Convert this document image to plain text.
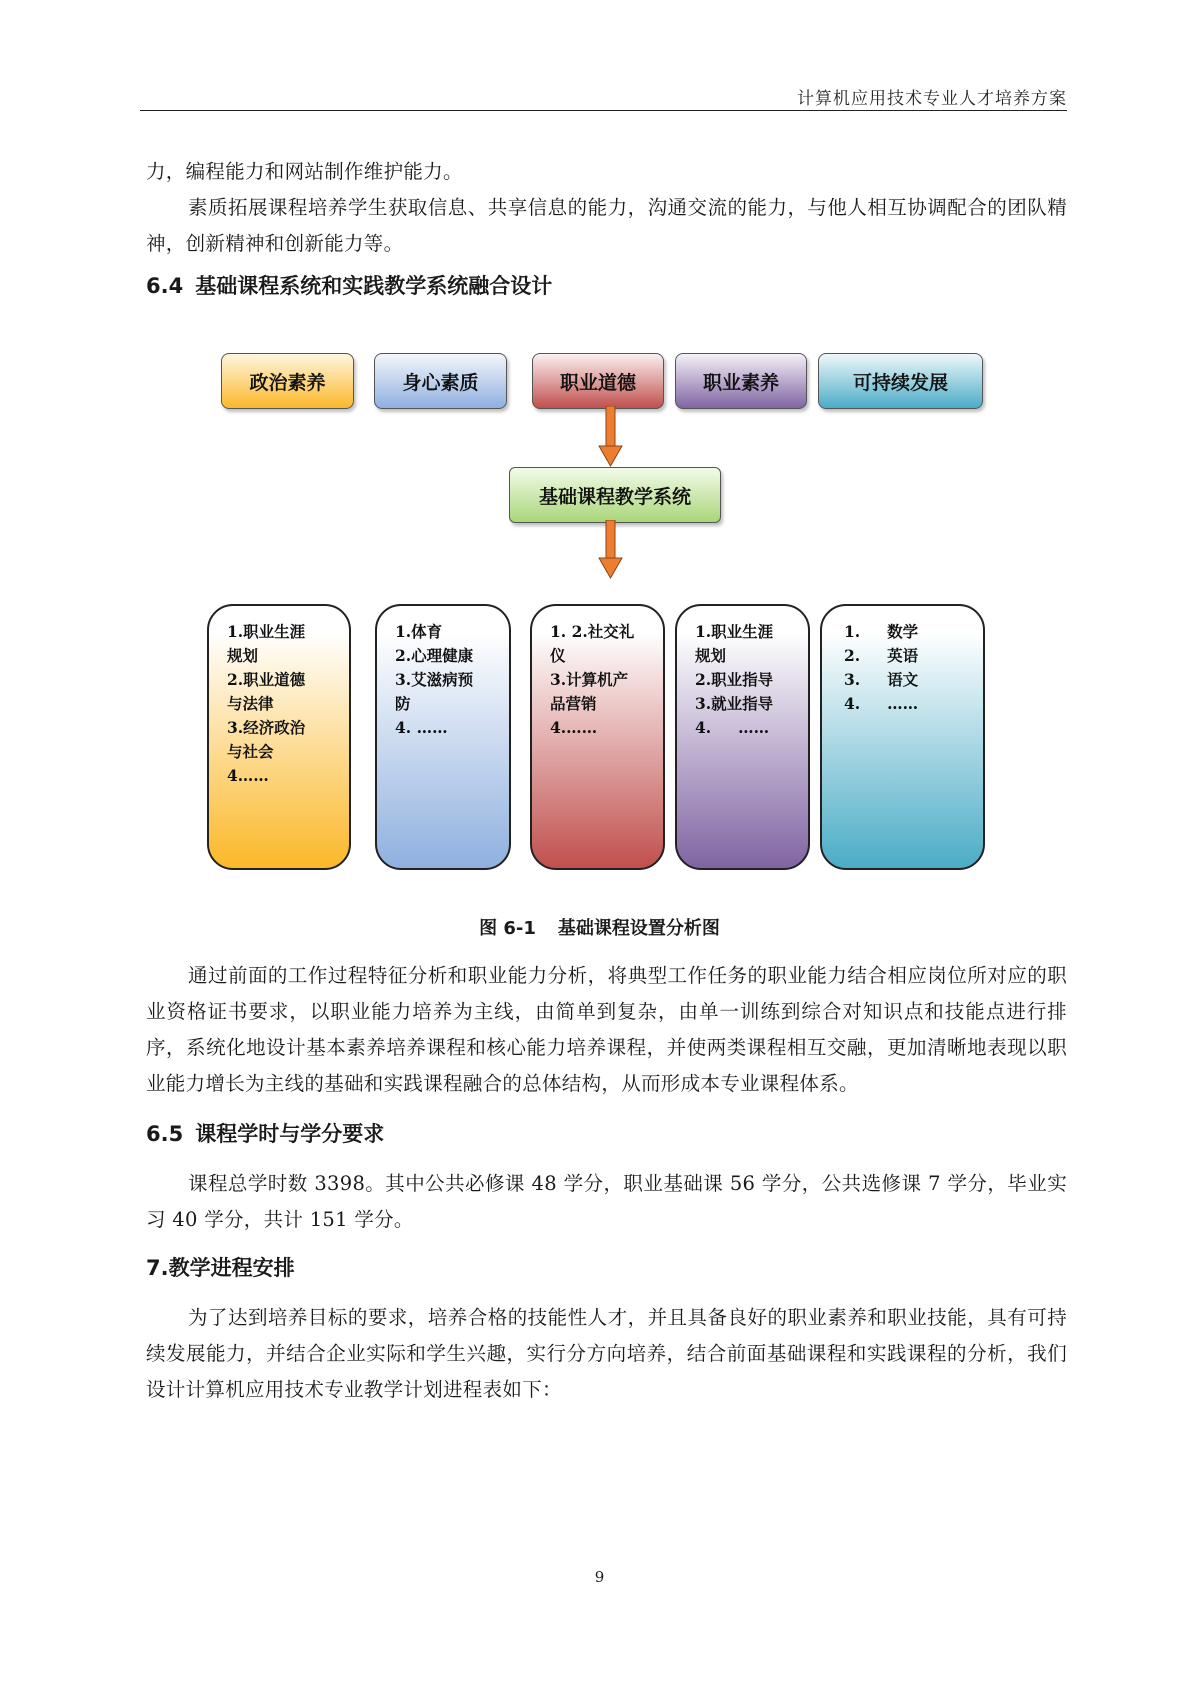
计算机应用技术专业人才培养方案
力，编程能力和网站制作维护能力。
素质拓展课程培养学生获取信息、共享信息的能力，沟通交流的能力，与他人相互协调配合的团队精神，创新精神和创新能力等。
6.4 基础课程系统和实践教学系统融合设计
政治素养	身心素质	职业道德	职业素养	可持续发展
基础课程教学系统
1.职业生涯
规划
2.职业道德
与法律
3.经济政治
与社会
4……
1.体育
2.心理健康
3.艾滋病预
防
4. ……
1. 2.社交礼
仪
3.计算机产
品营销
4.……
1.职业生涯
规划
2.职业指导
3.就业指导
4.     ……
1.     数学
2.     英语
3.     语文
4.     ……
图 6-1 基础课程设置分析图
通过前面的工作过程特征分析和职业能力分析，将典型工作任务的职业能力结合相应岗位所对应的职业资格证书要求，以职业能力培养为主线，由简单到复杂，由单一训练到综合对知识点和技能点进行排序，系统化地设计基本素养培养课程和核心能力培养课程，并使两类课程相互交融，更加清晰地表现以职业能力增长为主线的基础和实践课程融合的总体结构，从而形成本专业课程体系。
6.5 课程学时与学分要求
课程总学时数 3398。其中公共必修课 48 学分，职业基础课 56 学分，公共选修课 7 学分，毕业实习 40 学分，共计 151 学分。
7.教学进程安排
为了达到培养目标的要求，培养合格的技能性人才，并且具备良好的职业素养和职业技能，具有可持续发展能力，并结合企业实际和学生兴趣，实行分方向培养，结合前面基础课程和实践课程的分析，我们设计计算机应用技术专业教学计划进程表如下：
9
